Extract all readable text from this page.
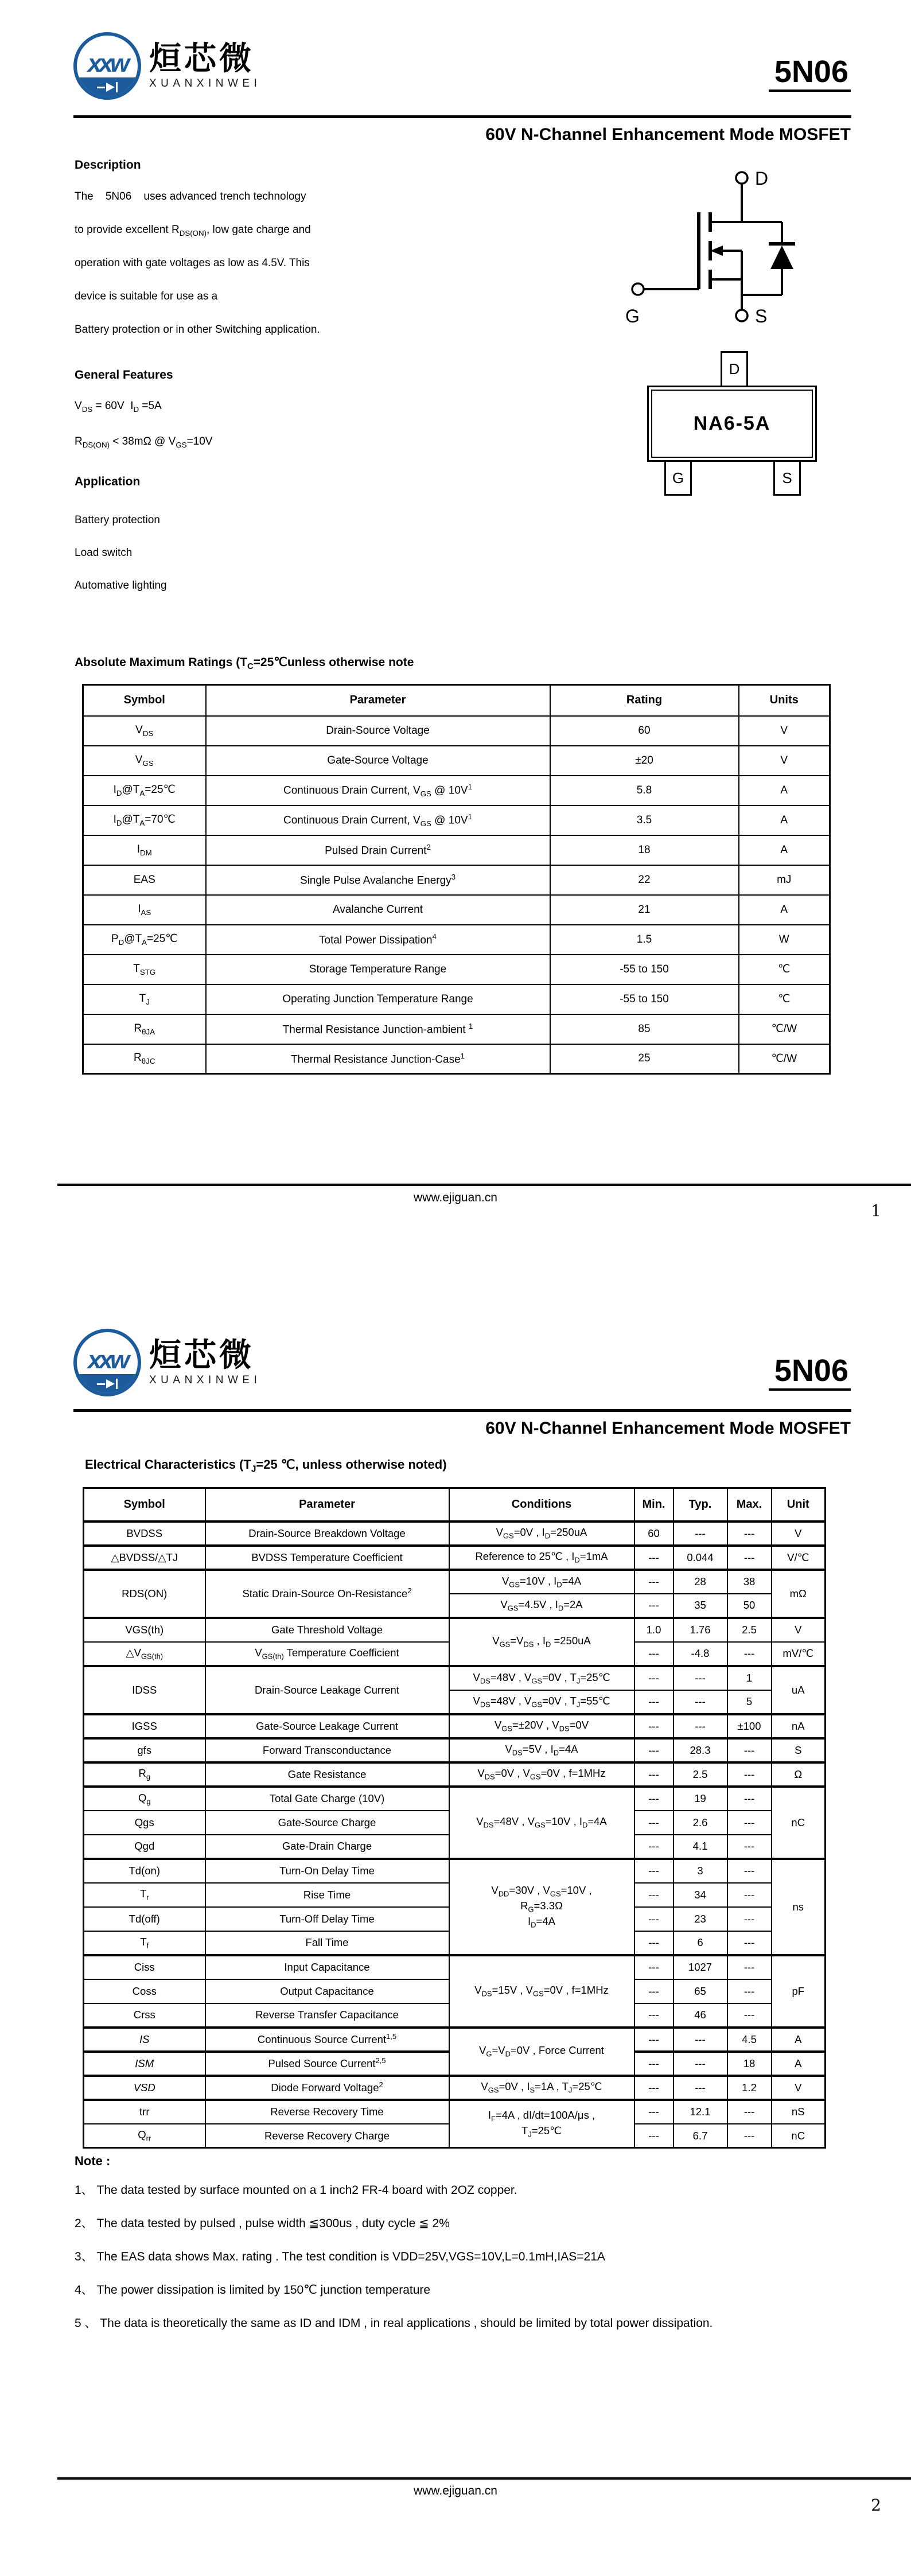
xxw 烜芯微
XUANXINWEI	5N06
60V N-Channel Enhancement Mode MOSFET
Description
The    5N06    uses advanced trench technology
to provide excellent $R_{DS(ON)}$, low gate charge and
operation with gate voltages as low as 4.5V. This
device is suitable for use as a
Battery protection or in other Switching application.
D
G	S
General Features
$V_{DS} = 60V$  $I_D =5A$
$R_{DS(ON)} < 38m\Omega$ @ $V_{GS}=10V$
D
NA6-5A
G	S
Application
Battery protection
Load switch
Automative lighting
Absolute Maximum Ratings ($T_C=25℃unless$ otherwise note
Symbol	Parameter	Rating	Units
$V_{DS}$	Drain-Source Voltage	60	V
$V_{GS}$	Gate-Source Voltage	±20	V
$I_D@T_A=25℃$	Continuous Drain Current, $V_{GS}$ @ $10V^1$	5.8	A
$I_D@T_A=70℃$	Continuous Drain Current, $V_{GS}$ @ $10V^1$	3.5	A
$I_{DM}$	Pulsed Drain Current$^2$	18	A
EAS	Single Pulse Avalanche Energy$^3$	22	mJ
$I_{AS}$	Avalanche Current	21	A
$P_D@T_A=25℃$	Total Power Dissipation$^4$	1.5	W
$T_{STG}$	Storage Temperature Range	-55 to 150	℃
$T_J$	Operating Junction Temperature Range	-55 to 150	℃
$R_{\theta JA}$	Thermal Resistance Junction-ambient $^1$	85	℃/W
$R_{\theta JC}$	Thermal Resistance Junction-Case$^1$	25	℃/W
www.ejiguan.cn
1
xxw 烜芯微
XUANXINWEI	5N06
60V N-Channel Enhancement Mode MOSFET
Electrical Characteristics ($T_J=25$ ℃, unless otherwise noted)
Symbol	Parameter	Conditions	Min.	Typ.	Max.	Unit
BVDSS	Drain-Source Breakdown Voltage	$V_{GS}=0V$ , $I_D=250uA$	60	---	---	V
△BVDSS/△TJ	BVDSS Temperature Coefficient	Reference to 25℃ , $I_D=1mA$	---	0.044	---	V/℃
RDS(ON)	Static Drain-Source On-Resistance$^2$	$V_{GS}=10V$ , $I_D=4A$	---	28	38	mΩ
		$V_{GS}=4.5V$ , $I_D=2A$	---	35	50	
VGS(th)	Gate Threshold Voltage	$V_{GS}=V_{DS}$ , $I_D =250uA$	1.0	1.76	2.5	V
$\triangle V_{GS(th)}$	$V_{GS(th)}$ Temperature Coefficient		---	-4.8	---	mV/℃
IDSS	Drain-Source Leakage Current	$V_{DS}=48V$ , $V_{GS}=0V$ , $T_J=25℃$	---	---	1	uA
		$V_{DS}=48V$ , $V_{GS}=0V$ , $T_J=55℃$	---	---	5	
IGSS	Gate-Source Leakage Current	$V_{GS}=\pm 20V$ , $V_{DS}=0V$	---	---	±100	nA
gfs	Forward Transconductance	$V_{DS}=5V$ , $I_D=4A$	---	28.3	---	S
$R_g$	Gate Resistance	$V_{DS}=0V$ , $V_{GS}=0V$ , f=1MHz	---	2.5	---	Ω
$Q_g$	Total Gate Charge (10V)	$V_{DS}=48V$ , $V_{GS}=10V$ , $I_D=4A$	---	19	---	nC
Qgs	Gate-Source Charge		---	2.6	---	
Qgd	Gate-Drain Charge		---	4.1	---	
Td(on)	Turn-On Delay Time	$V_{DD}=30V$ , $V_{GS}=10V$ ,
$R_G=3.3\Omega$
$I_D=4A$	---	3	---	ns
$T_r$	Rise Time		---	34	---	
Td(off)	Turn-Off Delay Time		---	23	---	
$T_f$	Fall Time		---	6	---	
Ciss	Input Capacitance	$V_{DS}=15V$ , $V_{GS}=0V$ , f=1MHz	---	1027	---	pF
Coss	Output Capacitance		---	65	---	
Crss	Reverse Transfer Capacitance		---	46	---	
IS	Continuous Source Current$^{1,5}$	$V_G=V_D=0V$ , Force Current	---	---	4.5	A
ISM	Pulsed Source Current$^{2,5}$		---	---	18	A
VSD	Diode Forward Voltage$^2$	$V_{GS}=0V$ , $I_S=1A$ , $T_J=25℃$	---	---	1.2	V
trr	Reverse Recovery Time	$I_F=4A$ , dI/dt=100A/μs ,
$T_J=25℃$	---	12.1	---	nS
$Q_{rr}$	Reverse Recovery Charge		---	6.7	---	nC
Note :
1、 The data tested by surface mounted on a 1 inch2 FR-4 board with 2OZ copper.
2、 The data tested by pulsed , pulse width ≦300us , duty cycle ≦ 2%
3、 The EAS data shows Max. rating . The test condition is VDD=25V,VGS=10V,L=0.1mH,IAS=21A
4、 The power dissipation is limited by 150℃ junction temperature
5 、 The data is theoretically the same as ID and IDM , in real applications , should be limited by total power dissipation.
www.ejiguan.cn
2
